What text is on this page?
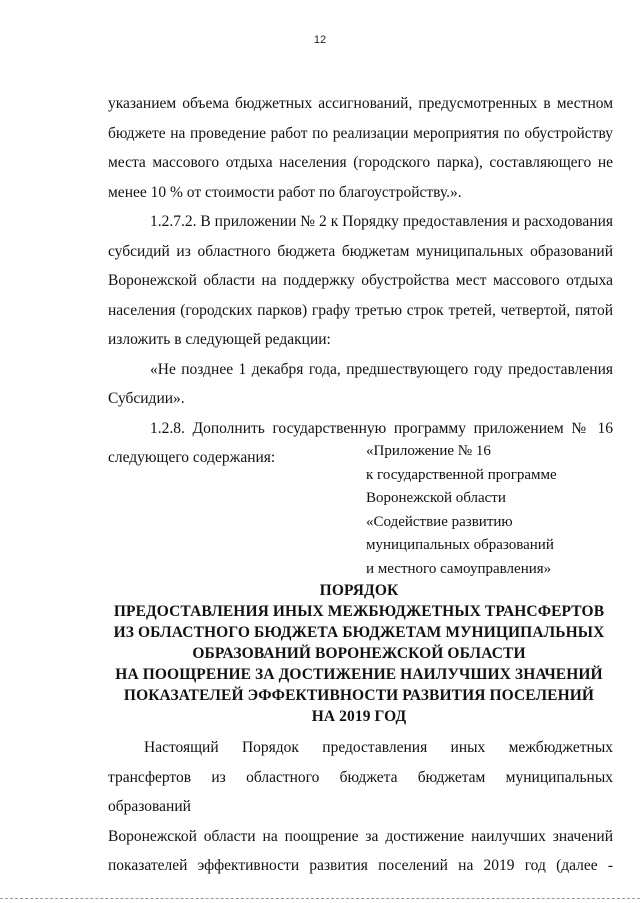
12

указанием объема бюджетных ассигнований, предусмотренных в местном бюджете на проведение работ по реализации мероприятия по обустройству места массового отдыха населения (городского парка), составляющего не менее 10 % от стоимости работ по благоустройству.».

1.2.7.2. В приложении № 2 к Порядку предоставления и расходования субсидий из областного бюджета бюджетам муниципальных образований Воронежской области на поддержку обустройства мест массового отдыха населения (городских парков) графу третью строк третей, четвертой, пятой изложить в следующей редакции:

«Не позднее 1 декабря года, предшествующего году предоставления Субсидии».

1.2.8. Дополнить государственную программу приложением № 16 следующего содержания:	«Приложение № 16
к государственной программе
Воронежской области
«Содействие развитию
муниципальных образований
и местного самоуправления»
ПОРЯДОК
ПРЕДОСТАВЛЕНИЯ ИНЫХ МЕЖБЮДЖЕТНЫХ ТРАНСФЕРТОВ
ИЗ ОБЛАСТНОГО БЮДЖЕТА БЮДЖЕТАМ МУНИЦИПАЛЬНЫХ
ОБРАЗОВАНИЙ ВОРОНЕЖСКОЙ ОБЛАСТИ
НА ПООЩРЕНИЕ ЗА ДОСТИЖЕНИЕ НАИЛУЧШИХ ЗНАЧЕНИЙ
ПОКАЗАТЕЛЕЙ ЭФФЕКТИВНОСТИ РАЗВИТИЯ ПОСЕЛЕНИЙ
НА 2019 ГОД
Настоящий Порядок предоставления иных межбюджетных
трансфертов из областного бюджета бюджетам муниципальных образований
Воронежской области на поощрение за достижение наилучших значений
показателей эффективности развития поселений на 2019 год (далее -
